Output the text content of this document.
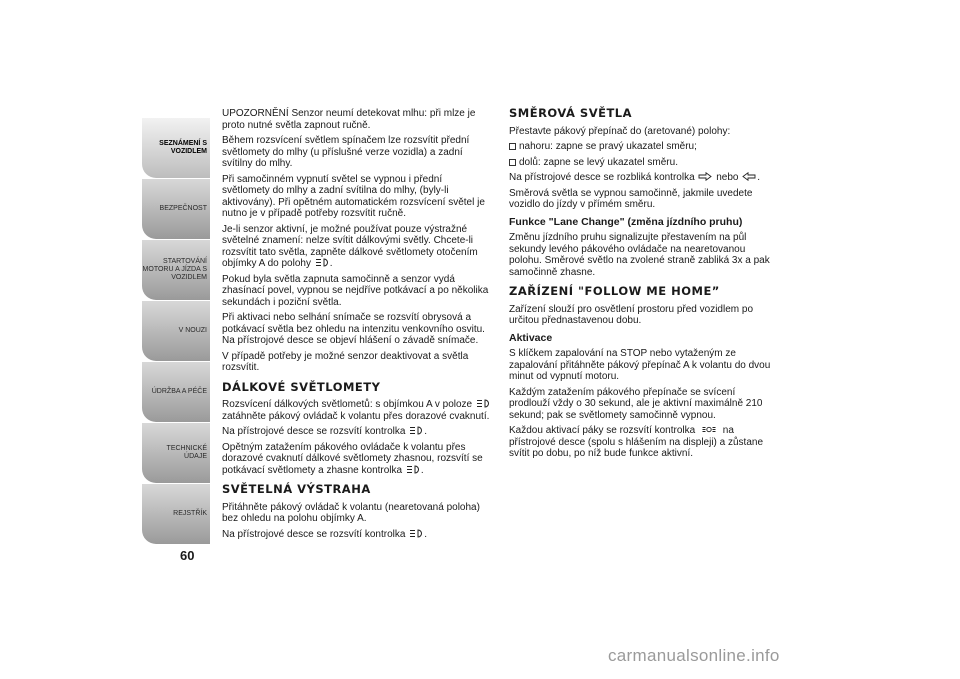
SEZNÁMENÍ S VOZIDLEM
BEZPEČNOST
STARTOVÁNÍ MOTORU A JÍZDA S VOZIDLEM
V NOUZI
ÚDRŽBA A PÉČE
TECHNICKÉ ÚDAJE
REJSTŘÍK
60

UPOZORNĚNÍ Senzor neumí detekovat mlhu: při mlze je proto nutné světla zapnout ručně.

Během rozsvícení světlem spínačem lze rozsvítit přední světlomety do mlhy (u příslušné verze vozidla) a zadní svítilny do mlhy.

Při samočinném vypnutí světel se vypnou i přední světlomety do mlhy a zadní svítilna do mlhy, (byly-li aktivovány). Při opětném automatickém rozsvícení světel je nutno je v případě potřeby rozsvítit ručně.

Je-li senzor aktivní, je možné používat pouze výstražné světelné znamení: nelze svítit dálkovými světly. Chcete-li rozsvítit tato světla, zapněte dálkové světlomety otočením objímky A do polohy .

Pokud byla světla zapnuta samočinně a senzor vydá zhasínací povel, vypnou se nejdříve potkávací a po několika sekundách i poziční světla.

Při aktivaci nebo selhání snímače se rozsvítí obrysová a potkávací světla bez ohledu na intenzitu venkovního osvitu. Na přístrojové desce se objeví hlášení o závadě snímače.

V případě potřeby je možné senzor deaktivovat a světla rozsvítit.

DÁLKOVÉ SVĚTLOMETY

Rozsvícení dálkových světlometů: s objímkou A v poloze  zatáhněte pákový ovládač k volantu přes dorazové cvaknutí.

Na přístrojové desce se rozsvítí kontrolka .

Opětným zatažením pákového ovládače k volantu přes dorazové cvaknutí dálkové světlomety zhasnou, rozsvítí se potkávací světlomety a zhasne kontrolka .

SVĚTELNÁ VÝSTRAHA

Přitáhněte pákový ovládač k volantu (nearetovaná poloha) bez ohledu na polohu objímky A.

Na přístrojové desce se rozsvítí kontrolka .

SMĚROVÁ SVĚTLA

Přestavte pákový přepínač do (aretované) polohy:

nahoru: zapne se pravý ukazatel směru;

dolů: zapne se levý ukazatel směru.

Na přístrojové desce se rozbliká kontrolka nebo .

Směrová světla se vypnou samočinně, jakmile uvedete vozidlo do jízdy v přímém směru.

Funkce "Lane Change" (změna jízdního pruhu)

Změnu jízdního pruhu signalizujte přestavením na půl sekundy levého pákového ovládače na nearetovanou polohu. Směrové světlo na zvolené straně zabliká 3x a pak samočinně zhasne.

ZAŘÍZENÍ "FOLLOW ME HOME”

Zařízení slouží pro osvětlení prostoru před vozidlem po určitou přednastavenou dobu.

Aktivace

S klíčkem zapalování na STOP nebo vytaženým ze zapalování přitáhněte pákový přepínač A k volantu do dvou minut od vypnutí motoru.

Každým zatažením pákového přepínače se svícení prodlouží vždy o 30 sekund, ale je aktivní maximálně 210 sekund; pak se světlomety samočinně vypnou.

Každou aktivací páky se rozsvítí kontrolka	na přístrojové desce (spolu s hlášením na displeji) a zůstane svítit po dobu, po níž bude funkce aktivní.

carmanualsonline.info
